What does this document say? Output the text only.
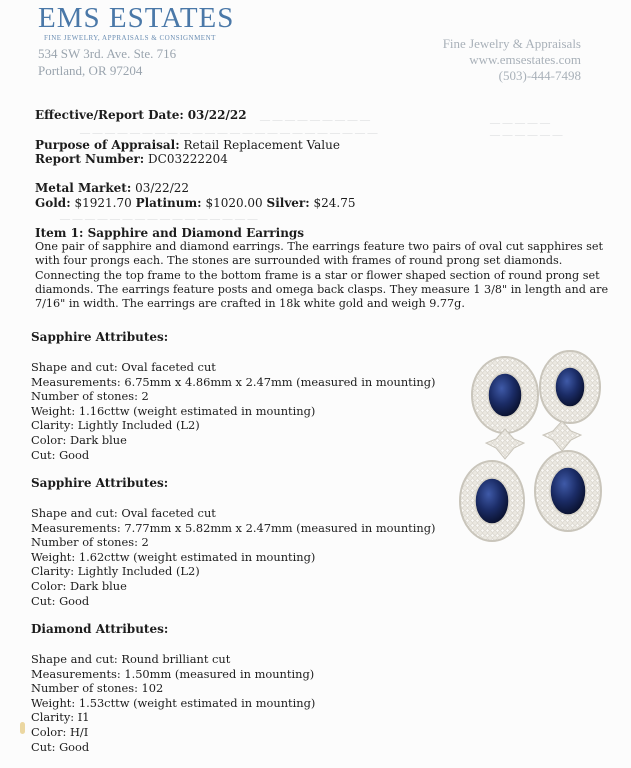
— — — — — — — — —
— — — — — — — — — — — — — — — — — — — — — — — —
— — — — —
— — — — — —
— — — — — — — — — — — — — — — —
EMS ESTATES
FINE JEWELRY, APPRAISALS & CONSIGNMENT
534 SW 3rd. Ave. Ste. 716
Portland, OR 97204
Fine Jewelry & Appraisals
www.emsestates.com
(503)-444-7498
Effective/Report Date: 03/22/22
Purpose of Appraisal: Retail Replacement Value
Report Number: DC03222204
Metal Market: 03/22/22
Gold: $1921.70 Platinum: $1020.00 Silver: $24.75
Item 1: Sapphire and Diamond Earrings
One pair of sapphire and diamond earrings. The earrings feature two pairs of oval cut sapphires set with four prongs each. The stones are surrounded with frames of round prong set diamonds. Connecting the top frame to the bottom frame is a star or flower shaped section of round prong set diamonds. The earrings feature posts and omega back clasps. They measure 1 3/8" in length and are 7/16" in width. The earrings are crafted in 18k white gold and weigh 9.77g.
Sapphire Attributes:
Shape and cut: Oval faceted cut
Measurements: 6.75mm x 4.86mm x 2.47mm (measured in mounting)
Number of stones: 2
Weight: 1.16cttw (weight estimated in mounting)
Clarity: Lightly Included (L2)
Color: Dark blue
Cut: Good
Sapphire Attributes:
Shape and cut: Oval faceted cut
Measurements: 7.77mm x 5.82mm x 2.47mm (measured in mounting)
Number of stones: 2
Weight: 1.62cttw (weight estimated in mounting)
Clarity: Lightly Included (L2)
Color: Dark blue
Cut: Good
Diamond Attributes:
Shape and cut: Round brilliant cut
Measurements: 1.50mm (measured in mounting)
Number of stones: 102
Weight: 1.53cttw (weight estimated in mounting)
Clarity: I1
Color: H/I
Cut: Good
